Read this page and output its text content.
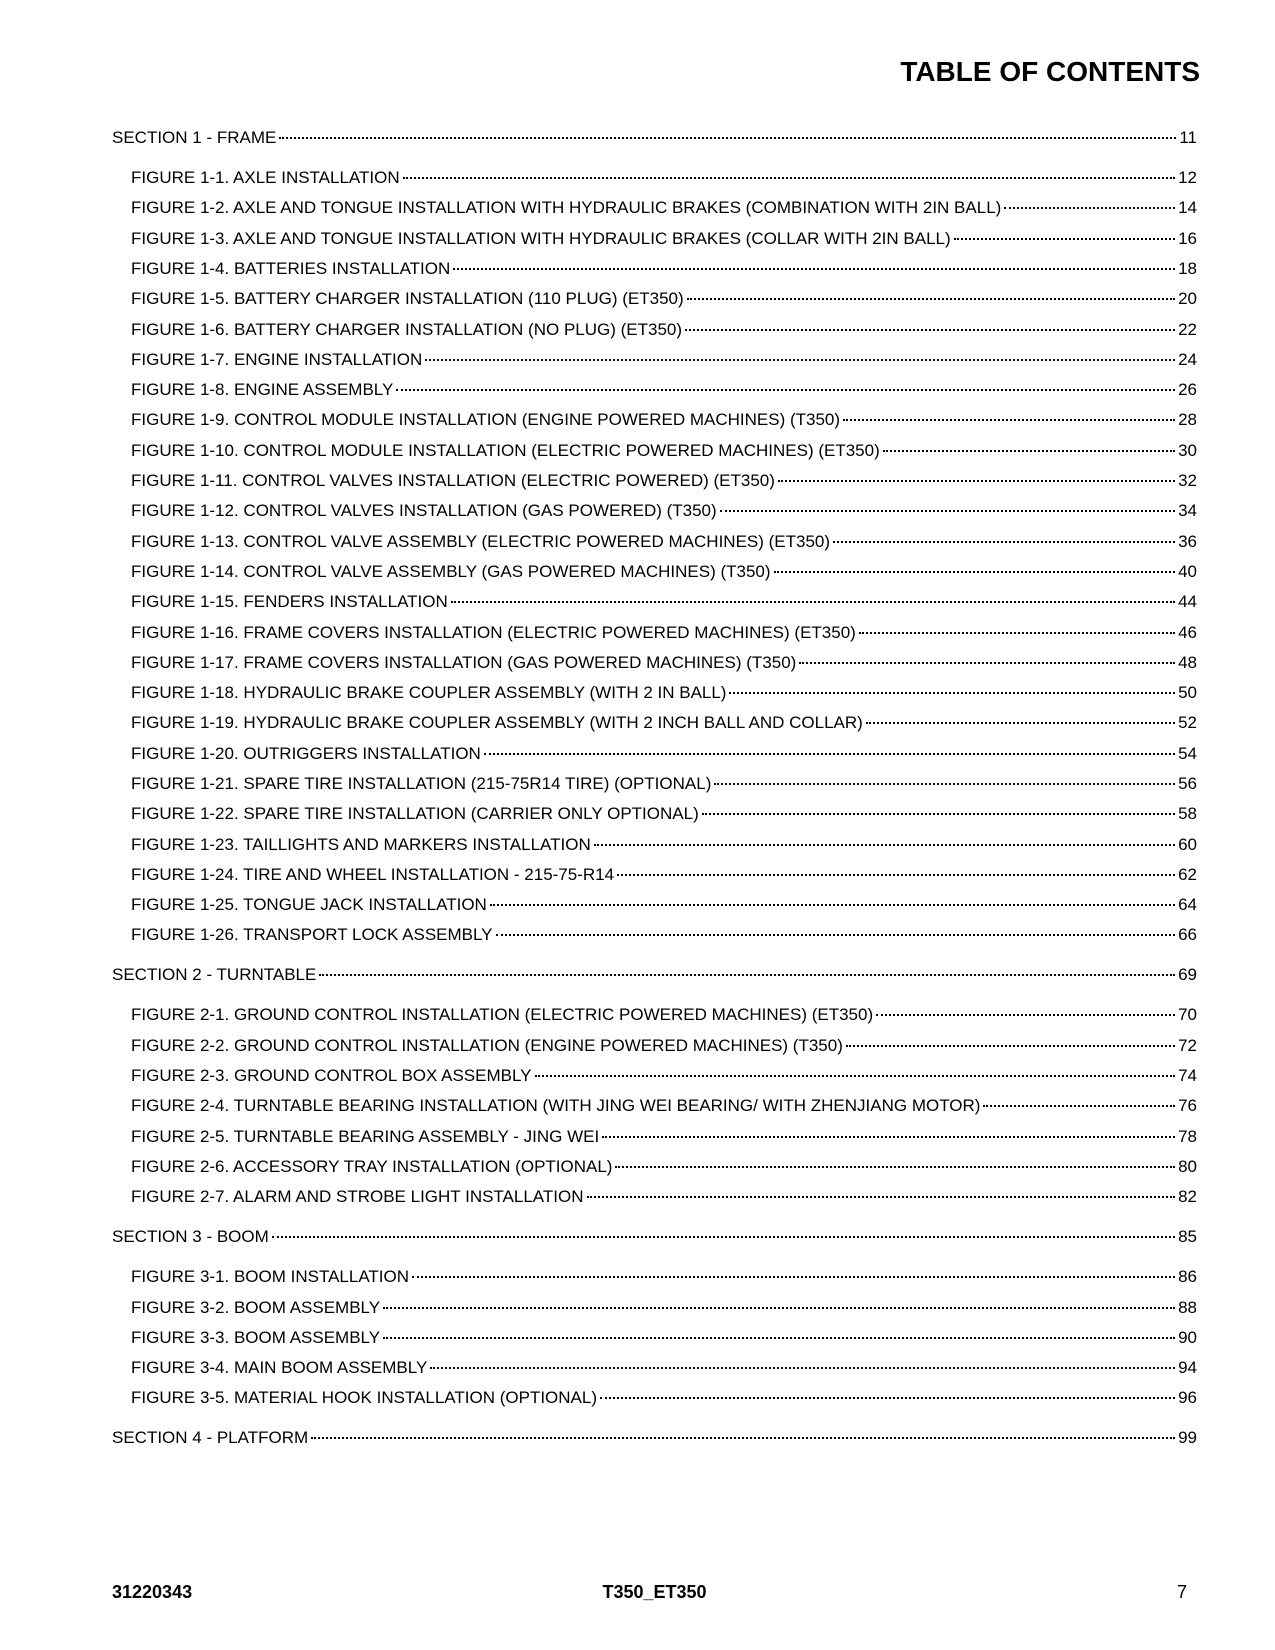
TABLE OF CONTENTS
SECTION 1 - FRAME	11
FIGURE 1-1. AXLE INSTALLATION	12
FIGURE 1-2. AXLE AND TONGUE INSTALLATION WITH HYDRAULIC BRAKES (COMBINATION WITH 2IN BALL)	14
FIGURE 1-3. AXLE AND TONGUE INSTALLATION WITH HYDRAULIC BRAKES (COLLAR WITH 2IN BALL)	16
FIGURE 1-4. BATTERIES INSTALLATION	18
FIGURE 1-5. BATTERY CHARGER INSTALLATION (110 PLUG) (ET350)	20
FIGURE 1-6. BATTERY CHARGER INSTALLATION (NO PLUG) (ET350)	22
FIGURE 1-7. ENGINE INSTALLATION	24
FIGURE 1-8. ENGINE ASSEMBLY	26
FIGURE 1-9. CONTROL MODULE INSTALLATION (ENGINE POWERED MACHINES) (T350)	28
FIGURE 1-10. CONTROL MODULE INSTALLATION (ELECTRIC POWERED MACHINES) (ET350)	30
FIGURE 1-11. CONTROL VALVES INSTALLATION (ELECTRIC POWERED) (ET350)	32
FIGURE 1-12. CONTROL VALVES INSTALLATION (GAS POWERED) (T350)	34
FIGURE 1-13. CONTROL VALVE ASSEMBLY (ELECTRIC POWERED MACHINES) (ET350)	36
FIGURE 1-14. CONTROL VALVE ASSEMBLY (GAS POWERED MACHINES) (T350)	40
FIGURE 1-15. FENDERS INSTALLATION	44
FIGURE 1-16. FRAME COVERS INSTALLATION (ELECTRIC POWERED MACHINES) (ET350)	46
FIGURE 1-17. FRAME COVERS INSTALLATION (GAS POWERED MACHINES) (T350)	48
FIGURE 1-18. HYDRAULIC BRAKE COUPLER ASSEMBLY (WITH 2 IN BALL)	50
FIGURE 1-19. HYDRAULIC BRAKE COUPLER ASSEMBLY (WITH 2 INCH BALL AND COLLAR)	52
FIGURE 1-20. OUTRIGGERS INSTALLATION	54
FIGURE 1-21. SPARE TIRE INSTALLATION (215-75R14 TIRE) (OPTIONAL)	56
FIGURE 1-22. SPARE TIRE INSTALLATION (CARRIER ONLY OPTIONAL)	58
FIGURE 1-23. TAILLIGHTS AND MARKERS INSTALLATION	60
FIGURE 1-24. TIRE AND WHEEL INSTALLATION - 215-75-R14	62
FIGURE 1-25. TONGUE JACK INSTALLATION	64
FIGURE 1-26. TRANSPORT LOCK ASSEMBLY	66
SECTION 2 - TURNTABLE	69
FIGURE 2-1. GROUND CONTROL INSTALLATION (ELECTRIC POWERED MACHINES) (ET350)	70
FIGURE 2-2. GROUND CONTROL INSTALLATION (ENGINE POWERED MACHINES) (T350)	72
FIGURE 2-3. GROUND CONTROL BOX ASSEMBLY	74
FIGURE 2-4. TURNTABLE BEARING INSTALLATION (WITH JING WEI BEARING/ WITH ZHENJIANG MOTOR)	76
FIGURE 2-5. TURNTABLE BEARING ASSEMBLY - JING WEI	78
FIGURE 2-6. ACCESSORY TRAY INSTALLATION (OPTIONAL)	80
FIGURE 2-7. ALARM AND STROBE LIGHT INSTALLATION	82
SECTION 3 - BOOM	85
FIGURE 3-1. BOOM INSTALLATION	86
FIGURE 3-2. BOOM ASSEMBLY	88
FIGURE 3-3. BOOM ASSEMBLY	90
FIGURE 3-4. MAIN BOOM ASSEMBLY	94
FIGURE 3-5. MATERIAL HOOK INSTALLATION (OPTIONAL)	96
SECTION 4 - PLATFORM	99
31220343	T350_ET350	7
